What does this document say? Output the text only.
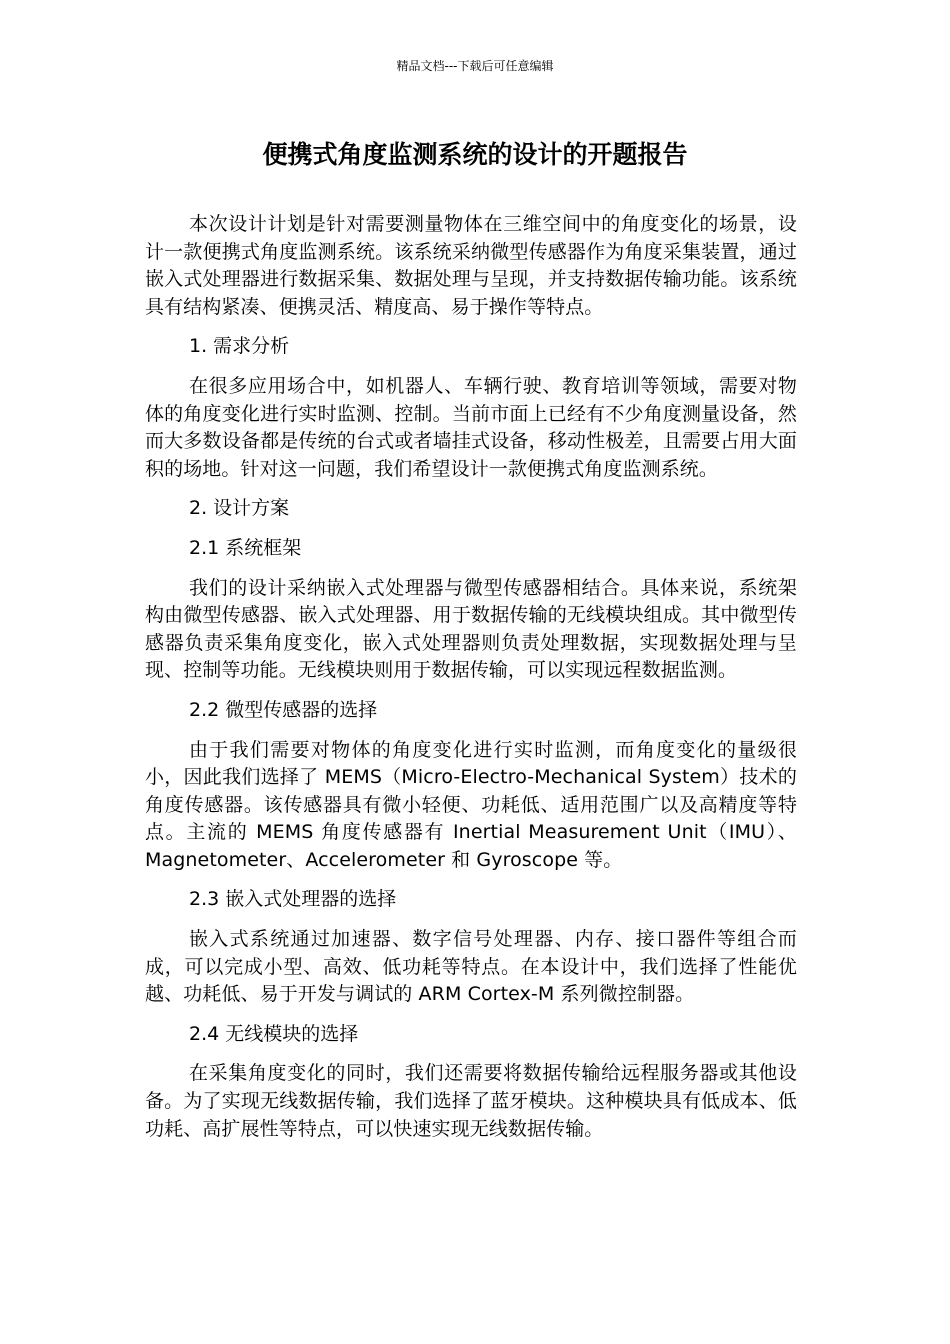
精品文档---下载后可任意编辑
便携式角度监测系统的设计的开题报告

本次设计计划是针对需要测量物体在三维空间中的角度变化的场景，设计一款便携式角度监测系统。该系统采纳微型传感器作为角度采集装置，通过嵌入式处理器进行数据采集、数据处理与呈现，并支持数据传输功能。该系统具有结构紧凑、便携灵活、精度高、易于操作等特点。

1. 需求分析

在很多应用场合中，如机器人、车辆行驶、教育培训等领域，需要对物体的角度变化进行实时监测、控制。当前市面上已经有不少角度测量设备，然而大多数设备都是传统的台式或者墙挂式设备，移动性极差，且需要占用大面积的场地。针对这一问题，我们希望设计一款便携式角度监测系统。

2. 设计方案

2.1 系统框架

我们的设计采纳嵌入式处理器与微型传感器相结合。具体来说，系统架构由微型传感器、嵌入式处理器、用于数据传输的无线模块组成。其中微型传感器负责采集角度变化，嵌入式处理器则负责处理数据，实现数据处理与呈现、控制等功能。无线模块则用于数据传输，可以实现远程数据监测。

2.2 微型传感器的选择

由于我们需要对物体的角度变化进行实时监测，而角度变化的量级很小，因此我们选择了 MEMS（Micro-Electro-Mechanical System）技术的角度传感器。该传感器具有微小轻便、功耗低、适用范围广以及高精度等特点。主流的 MEMS 角度传感器有 Inertial Measurement Unit（IMU）、Magnetometer、Accelerometer 和 Gyroscope 等。

2.3 嵌入式处理器的选择

嵌入式系统通过加速器、数字信号处理器、内存、接口器件等组合而成，可以完成小型、高效、低功耗等特点。在本设计中，我们选择了性能优越、功耗低、易于开发与调试的 ARM Cortex-M 系列微控制器。

2.4 无线模块的选择

在采集角度变化的同时，我们还需要将数据传输给远程服务器或其他设备。为了实现无线数据传输，我们选择了蓝牙模块。这种模块具有低成本、低功耗、高扩展性等特点，可以快速实现无线数据传输。
